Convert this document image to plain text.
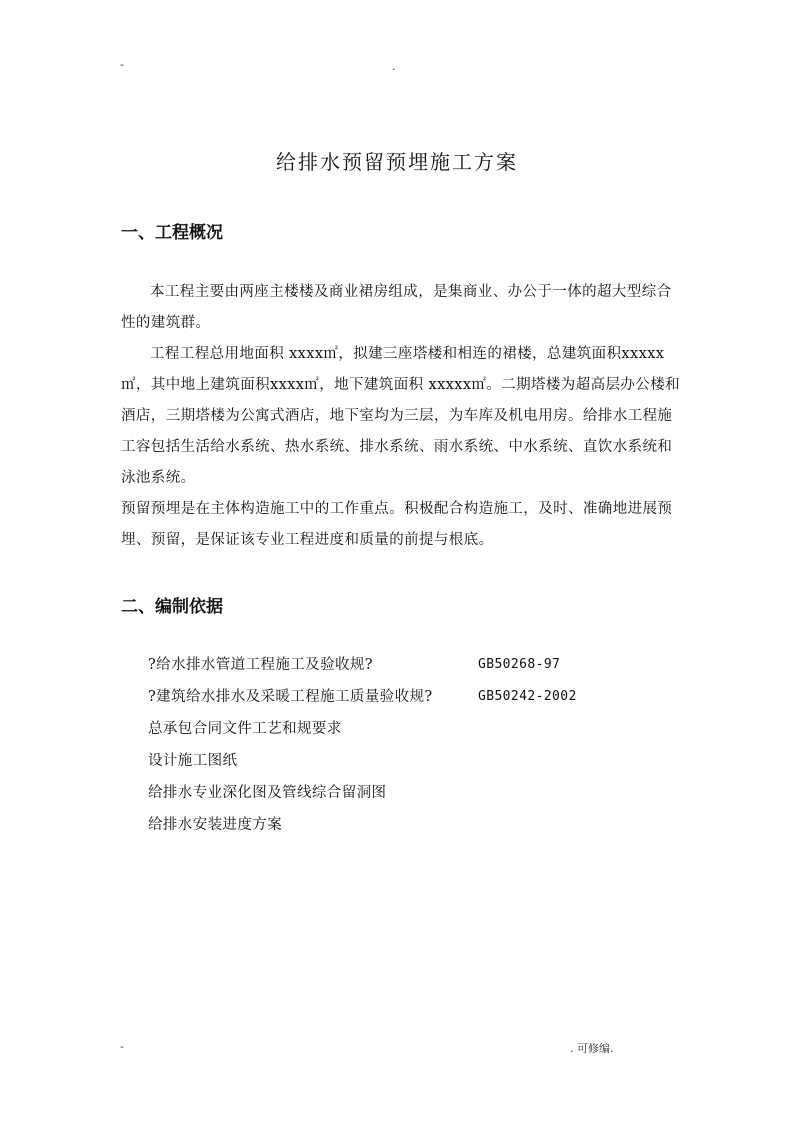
-	.
给排水预留预埋施工方案
一、工程概况
本工程主要由两座主楼楼及商业裙房组成，是集商业、办公于一体的超大型综合性的建筑群。
工程工程总用地面积 xxxx㎡，拟建三座塔楼和相连的裙楼，总建筑面积xxxxx㎡，其中地上建筑面积xxxx㎡，地下建筑面积 xxxxx㎡。二期塔楼为超高层办公楼和酒店，三期塔楼为公寓式酒店，地下室均为三层，为车库及机电用房。给排水工程施工容包括生活给水系统、热水系统、排水系统、雨水系统、中水系统、直饮水系统和泳池系统。
预留预埋是在主体构造施工中的工作重点。积极配合构造施工，及时、准确地进展预埋、预留，是保证该专业工程进度和质量的前提与根底。
二、编制依据
?给水排水管道工程施工及验收规?	GB50268-97
?建筑给水排水及采暖工程施工质量验收规?	GB50242-2002
总承包合同文件工艺和规要求
设计施工图纸
给排水专业深化图及管线综合留洞图
给排水安装进度方案
-	. 可修编.
